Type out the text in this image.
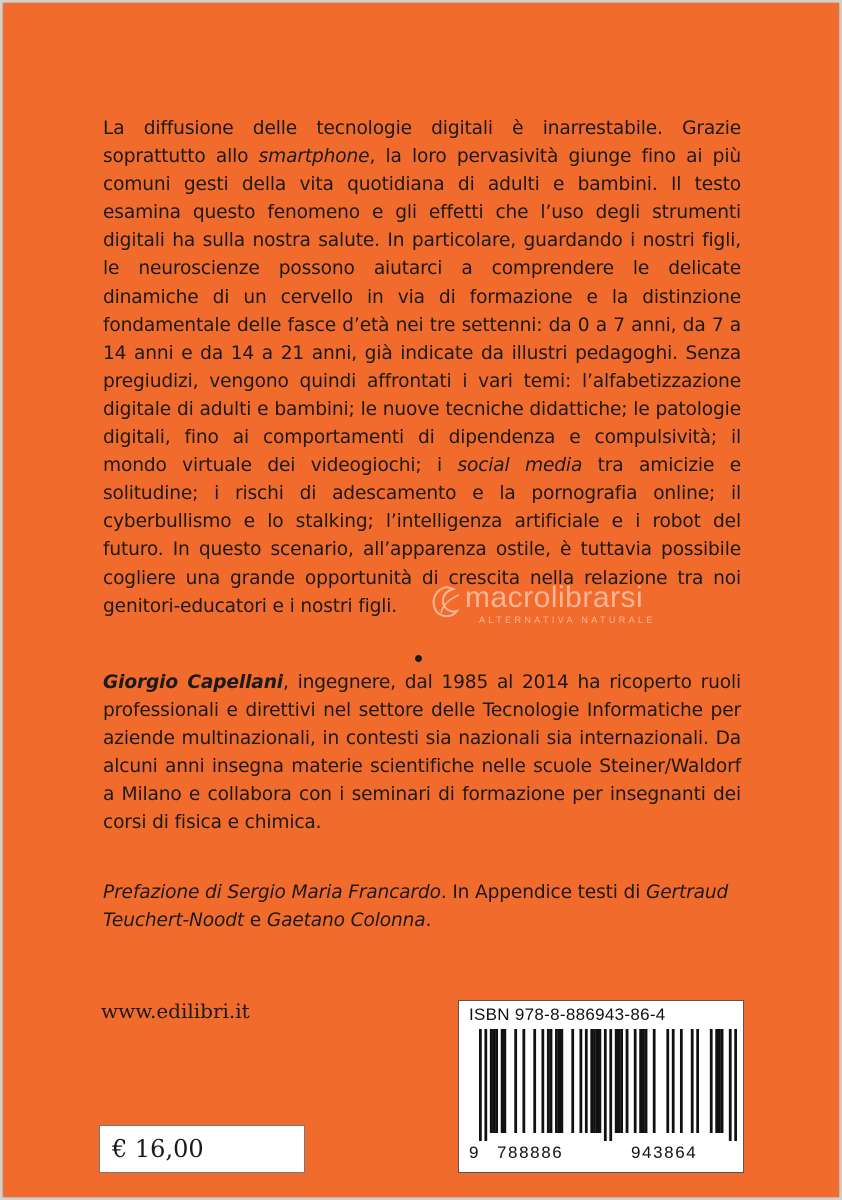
La diffusione delle tecnologie digitali è inarrestabile. Grazie soprattutto allo smartphone, la loro pervasività giunge fino ai più comuni gesti della vita quotidiana di adulti e bambini. Il testo esamina questo fenomeno e gli effetti che l’uso degli strumenti digitali ha sulla nostra salute. In particolare, guardando i nostri figli, le neuroscienze possono aiutarci a comprendere le delicate dinamiche di un cervello in via di formazione e la distinzione fondamentale delle fasce d’età nei tre settenni: da 0 a 7 anni, da 7 a 14 anni e da 14 a 21 anni, già indicate da illustri pedagoghi. Senza pregiudizi, vengono quindi affrontati i vari temi: l’alfabetizzazione digitale di adulti e bambini; le nuove tecniche didattiche; le patologie digitali, fino ai comportamenti di dipendenza e compulsività; il mondo virtuale dei videogiochi; i social media tra amicizie e solitudine; i rischi di adescamento e la pornografia online; il cyberbullismo e lo stalking; l’intelligenza artificiale e i robot del futuro. In questo scenario, all’apparenza ostile, è tuttavia possibile cogliere una grande opportunità di crescita nella relazione tra noi genitori-educatori e i nostri figli.

Giorgio Capellani, ingegnere, dal 1985 al 2014 ha ricoperto ruoli professionali e direttivi nel settore delle Tecnologie Informatiche per aziende multinazionali, in contesti sia nazionali sia internazionali. Da alcuni anni insegna materie scientifiche nelle scuole Steiner/Waldorf a Milano e collabora con i seminari di formazione per insegnanti dei corsi di fisica e chimica.

Prefazione di Sergio Maria Francardo. In Appendice testi di Gertraud Teuchert-Noodt e Gaetano Colonna.

www.edilibri.it
€ 16,00
ISBN 978-8-886943-86-4
9 788886	943864
macrolibrarsi
ALTERNATIVA NATURALE
